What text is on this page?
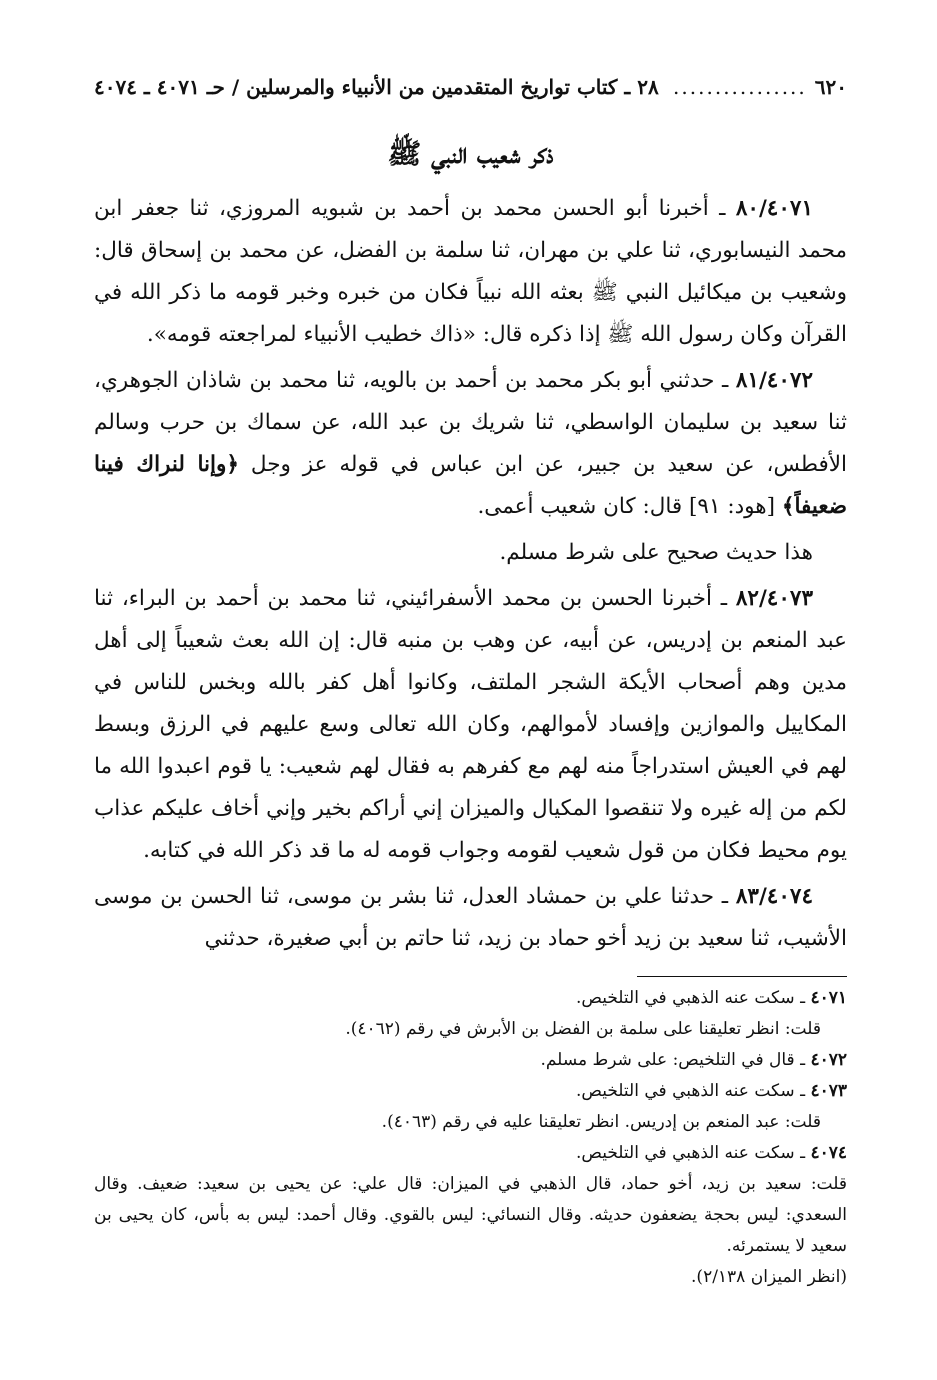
٦٢٠
................
٢٨ ـ كتاب تواريخ المتقدمين من الأنبياء والمرسلين / حـ ٤٠٧١ ـ ٤٠٧٤
ذكر شعيب النبي ﷺ

٨٠/٤٠٧١ ـ أخبرنا أبو الحسن محمد بن أحمد بن شبويه المروزي، ثنا جعفر ابن محمد النيسابوري، ثنا علي بن مهران، ثنا سلمة بن الفضل، عن محمد بن إسحاق قال: وشعيب بن ميكائيل النبي ﷺ بعثه الله نبياً فكان من خبره وخبر قومه ما ذكر الله في القرآن وكان رسول الله ﷺ إذا ذكره قال: «ذاك خطيب الأنبياء لمراجعته قومه».

٨١/٤٠٧٢ ـ حدثني أبو بكر محمد بن أحمد بن بالويه، ثنا محمد بن شاذان الجوهري، ثنا سعيد بن سليمان الواسطي، ثنا شريك بن عبد الله، عن سماك بن حرب وسالم الأفطس، عن سعيد بن جبير، عن ابن عباس في قوله عز وجل ﴿وإنا لنراك فينا ضعيفاً﴾ [هود: ٩١] قال: كان شعيب أعمى.

هذا حديث صحيح على شرط مسلم.

٨٢/٤٠٧٣ ـ أخبرنا الحسن بن محمد الأسفرائيني، ثنا محمد بن أحمد بن البراء، ثنا عبد المنعم بن إدريس، عن أبيه، عن وهب بن منبه قال: إن الله بعث شعيباً إلى أهل مدين وهم أصحاب الأيكة الشجر الملتف، وكانوا أهل كفر بالله وبخس للناس في المكاييل والموازين وإفساد لأموالهم، وكان الله تعالى وسع عليهم في الرزق وبسط لهم في العيش استدراجاً منه لهم مع كفرهم به فقال لهم شعيب: يا قوم اعبدوا الله ما لكم من إله غيره ولا تنقصوا المكيال والميزان إني أراكم بخير وإني أخاف عليكم عذاب يوم محيط فكان من قول شعيب لقومه وجواب قومه له ما قد ذكر الله في كتابه.

٨٣/٤٠٧٤ ـ حدثنا علي بن حمشاد العدل، ثنا بشر بن موسى، ثنا الحسن بن موسى الأشيب، ثنا سعيد بن زيد أخو حماد بن زيد، ثنا حاتم بن أبي صغيرة، حدثني

٤٠٧١ ـ سكت عنه الذهبي في التلخيص.

قلت: انظر تعليقنا على سلمة بن الفضل بن الأبرش في رقم (٤٠٦٢).

٤٠٧٢ ـ قال في التلخيص: على شرط مسلم.

٤٠٧٣ ـ سكت عنه الذهبي في التلخيص.

قلت: عبد المنعم بن إدريس. انظر تعليقنا عليه في رقم (٤٠٦٣).

٤٠٧٤ ـ سكت عنه الذهبي في التلخيص.

قلت: سعيد بن زيد، أخو حماد، قال الذهبي في الميزان: قال علي: عن يحيى بن سعيد: ضعيف. وقال السعدي: ليس بحجة يضعفون حديثه. وقال النسائي: ليس بالقوي. وقال أحمد: ليس به بأس، كان يحيى بن سعيد لا يستمرئه.

(انظر الميزان ٢/١٣٨).
